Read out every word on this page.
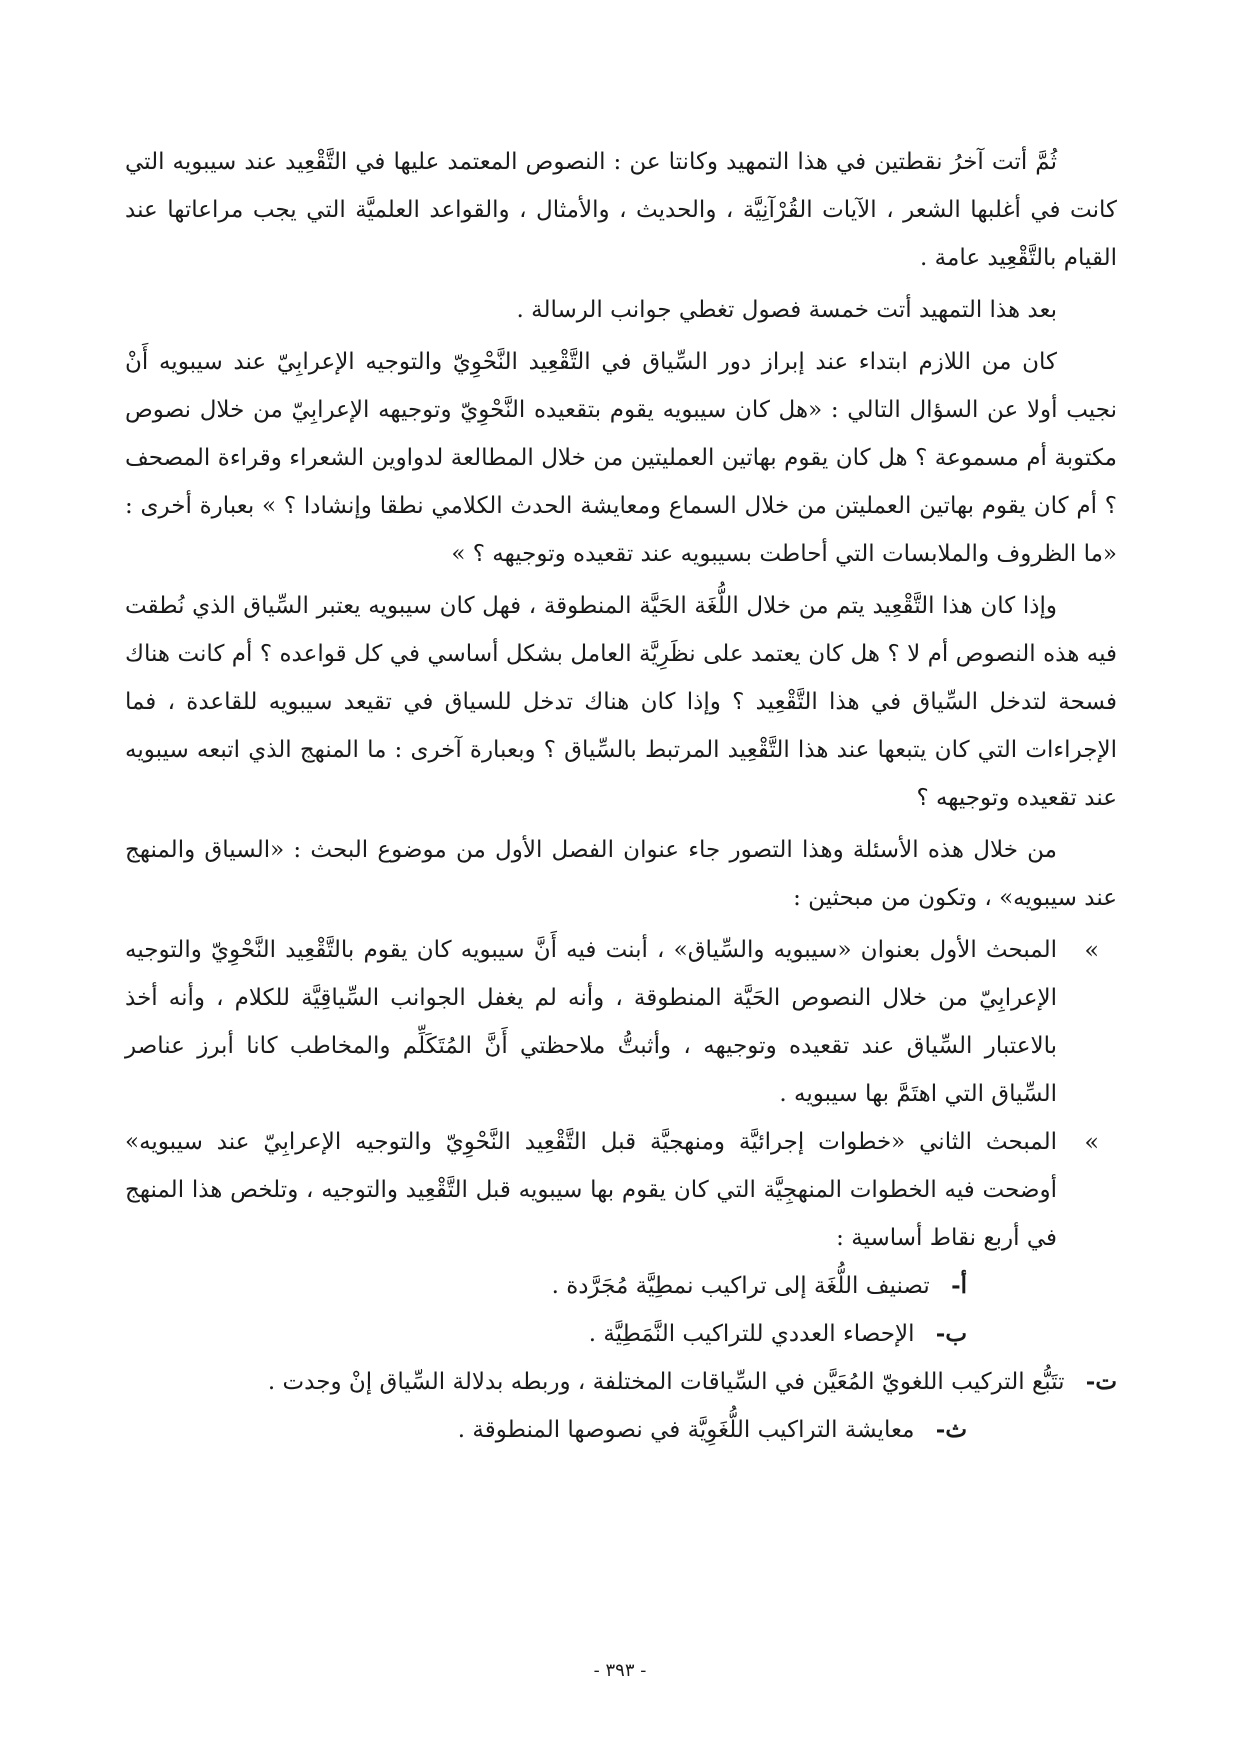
ثُمَّ أتت آخرُ نقطتين في هذا التمهيد وكانتا عن : النصوص المعتمد عليها في التَّقْعِيد عند سيبويه التي كانت في أغلبها الشعر ، الآيات القُرْآنِيَّة ، والحديث ، والأمثال ، والقواعد العلميَّة التي يجب مراعاتها عند القيام بالتَّقْعِيد عامة .

بعد هذا التمهيد أتت خمسة فصول تغطي جوانب الرسالة .

كان من اللازم ابتداء عند إبراز دور السِّياق في التَّقْعِيد النَّحْوِيّ والتوجيه الإعرابِيّ عند سيبويه أَنْ نجيب أولا عن السؤال التالي : «هل كان سيبويه يقوم بتقعيده النَّحْوِيّ وتوجيهه الإعرابِيّ من خلال نصوص مكتوبة أم مسموعة ؟ هل كان يقوم بهاتين العمليتين من خلال المطالعة لدواوين الشعراء وقراءة المصحف ؟ أم كان يقوم بهاتين العمليتن من خلال السماع ومعايشة الحدث الكلامي نطقا وإنشادا ؟ » بعبارة أخرى : «ما الظروف والملابسات التي أحاطت بسيبويه عند تقعيده وتوجيهه ؟ »

وإذا كان هذا التَّقْعِيد يتم من خلال اللُّغَة الحَيَّة المنطوقة ، فهل كان سيبويه يعتبر السِّياق الذي نُطقت فيه هذه النصوص أم لا ؟ هل كان يعتمد على نظَرِيَّة العامل بشكل أساسي في كل قواعده ؟ أم كانت هناك فسحة لتدخل السِّياق في هذا التَّقْعِيد ؟ وإذا كان هناك تدخل للسياق في تقيعد سيبويه للقاعدة ، فما الإجراءات التي كان يتبعها عند هذا التَّقْعِيد المرتبط بالسِّياق ؟ وبعبارة آخرى : ما المنهج الذي اتبعه سيبويه عند تقعيده وتوجيهه ؟

من خلال هذه الأسئلة وهذا التصور جاء عنوان الفصل الأول من موضوع البحث : «السياق والمنهج عند سيبويه» ، وتكون من مبحثين :

»
المبحث الأول بعنوان «سيبويه والسِّياق» ، أبنت فيه أَنَّ سيبويه كان يقوم بالتَّقْعِيد النَّحْوِيّ والتوجيه الإعرابِيّ من خلال النصوص الحَيَّة المنطوقة ، وأنه لم يغفل الجوانب السِّياقِيَّة للكلام ، وأنه أخذ بالاعتبار السِّياق عند تقعيده وتوجيهه ، وأثبتُّ ملاحظتي أَنَّ المُتَكَلِّم والمخاطب كانا أبرز عناصر السِّياق التي اهتَمَّ بها سيبويه .
»
المبحث الثاني «خطوات إجرائيَّة ومنهجيَّة قبل التَّقْعِيد النَّحْوِيّ والتوجيه الإعرابِيّ عند سيبويه» أوضحت فيه الخطوات المنهجِيَّة التي كان يقوم بها سيبويه قبل التَّقْعِيد والتوجيه ، وتلخص هذا المنهج في أربع نقاط أساسية :
أ- تصنيف اللُّغَة إلى تراكيب نمطِيَّة مُجَرَّدة .
ب- الإحصاء العددي للتراكيب النَّمَطِيَّة .
ت- تتَبُّع التركيب اللغويّ المُعَيَّن في السِّياقات المختلفة ، وربطه بدلالة السِّياق إنْ وجدت .
ث- معايشة التراكيب اللُّغَوِيَّة في نصوصها المنطوقة .
- ٣٩٣ -
